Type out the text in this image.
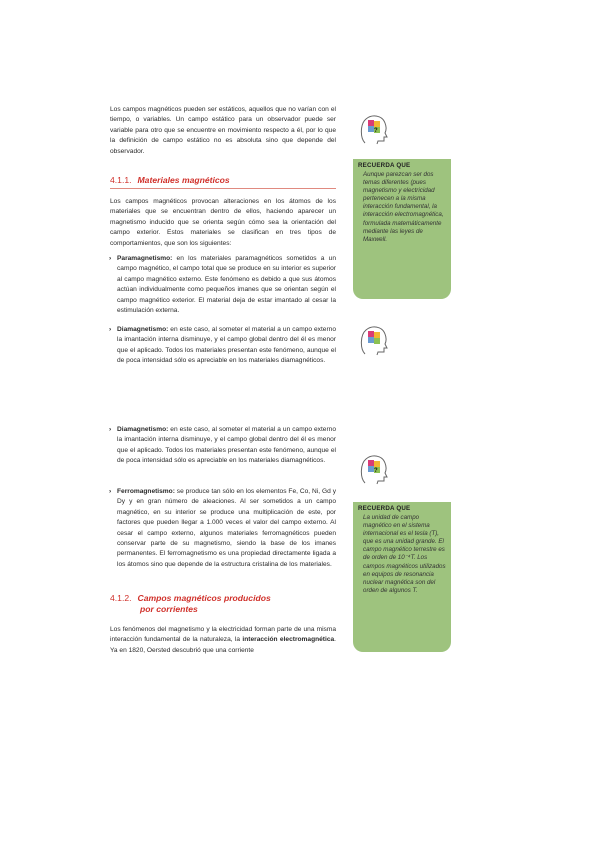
Los campos magnéticos pueden ser estáticos, aquellos que no varían con el tiempo, o variables. Un campo estático para un observador puede ser variable para otro que se encuentre en movimiento respecto a él, por lo que la definición de campo estático no es absoluta sino que depende del observador.

?
RECUERDA QUE
Aunque parezcan ser dos temas diferentes (pues magnetismo y electricidad pertenecen a la misma interacción fundamental, la interacción electromagnética, formulada matemáticamente mediante las leyes de Maxwell.
4.1.1. Materiales magnéticos

Los campos magnéticos provocan alteraciones en los átomos de los materiales que se encuentran dentro de ellos, haciendo aparecer un magnetismo inducido que se orienta según cómo sea la orientación del campo exterior. Estos materiales se clasifican en tres tipos de comportamientos, que son los siguientes:

› Paramagnetismo: en los materiales paramagnéticos sometidos a un campo magnético, el campo total que se produce en su interior es superior al campo magnético externo. Este fenómeno es debido a que sus átomos actúan individualmente como pequeños imanes que se orientan según el campo magnético exterior. El material deja de estar imantado al cesar la estimulación externa.
› Diamagnetismo: en este caso, al someter el material a un campo externo la imantación interna disminuye, y el campo global dentro del él es menor que el aplicado. Todos los materiales presentan este fenómeno, aunque el de poca intensidad sólo es apreciable en los materiales diamagnéticos.
› Diamagnetismo: en este caso, al someter el material a un campo externo la imantación interna disminuye, y el campo global dentro del él es menor que el aplicado. Todos los materiales presentan este fenómeno, aunque el de poca intensidad sólo es apreciable en los materiales diamagnéticos.
› Ferromagnetismo: se produce tan sólo en los elementos Fe, Co, Ni, Gd y Dy y en gran número de aleaciones. Al ser sometidos a un campo magnético, en su interior se produce una multiplicación de este, por factores que pueden llegar a 1.000 veces el valor del campo externo. Al cesar el campo externo, algunos materiales ferromagnéticos pueden conservar parte de su magnetismo, siendo la base de los imanes permanentes. El ferromagnetismo es una propiedad directamente ligada a los átomos sino que depende de la estructura cristalina de los materiales.
?
RECUERDA QUE
La unidad de campo magnético en el sistema internacional es el tesla (T), que es una unidad grande. El campo magnético terrestre es de orden de 10⁻⁴T. Los campos magnéticos utilizados en equipos de resonancia nuclear magnética son del orden de algunos T.
4.1.2. Campos magnéticos producidos
por corrientes

Los fenómenos del magnetismo y la electricidad forman parte de una misma interacción fundamental de la naturaleza, la interacción electromagnética. Ya en 1820, Oersted descubrió que una corriente
